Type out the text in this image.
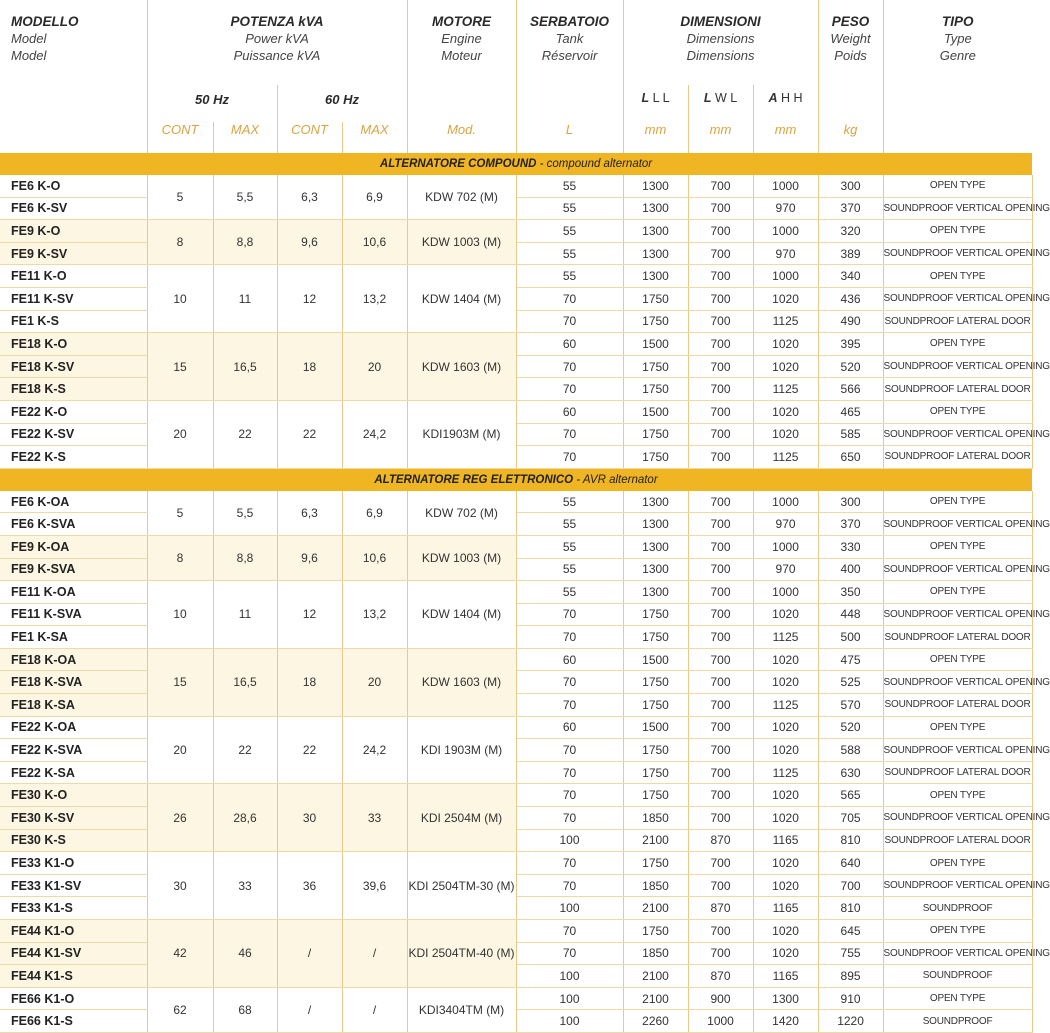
MODELLO
Model
Model	POTENZA kVA
Power kVA
Puissance kVA				MOTORE
Engine
Moteur	SERBATOIO
Tank
Réservoir	DIMENSIONI
Dimensions
Dimensions			PESO
Weight
Poids	TIPO
Type
Genre

	50 Hz		60 Hz				L L L	L W L	A H H		
	CONT	MAX	CONT	MAX	Mod.	L	mm	mm	mm	kg	
ALTERNATORE COMPOUND - compound alternator											
FE6 K-O	5	5,5	6,3	6,9	KDW 702 (M)	55	1300	700	1000	300	OPEN TYPE
FE6 K-SV						55	1300	700	970	370	SOUNDPROOF VERTICAL OPENING
FE9 K-O	8	8,8	9,6	10,6	KDW 1003 (M)	55	1300	700	1000	320	OPEN TYPE
FE9 K-SV						55	1300	700	970	389	SOUNDPROOF VERTICAL OPENING
FE11 K-O	10	11	12	13,2	KDW 1404 (M)	55	1300	700	1000	340	OPEN TYPE
FE11 K-SV						70	1750	700	1020	436	SOUNDPROOF VERTICAL OPENING
FE1 K-S						70	1750	700	1125	490	SOUNDPROOF LATERAL DOOR
FE18 K-O	15	16,5	18	20	KDW 1603 (M)	60	1500	700	1020	395	OPEN TYPE
FE18 K-SV						70	1750	700	1020	520	SOUNDPROOF VERTICAL OPENING
FE18 K-S						70	1750	700	1125	566	SOUNDPROOF LATERAL DOOR
FE22 K-O	20	22	22	24,2	KDI1903M (M)	60	1500	700	1020	465	OPEN TYPE
FE22 K-SV						70	1750	700	1020	585	SOUNDPROOF VERTICAL OPENING
FE22 K-S						70	1750	700	1125	650	SOUNDPROOF LATERAL DOOR
ALTERNATORE REG ELETTRONICO - AVR alternator											
FE6 K-OA	5	5,5	6,3	6,9	KDW 702 (M)	55	1300	700	1000	300	OPEN TYPE
FE6 K-SVA						55	1300	700	970	370	SOUNDPROOF VERTICAL OPENING
FE9 K-OA	8	8,8	9,6	10,6	KDW 1003 (M)	55	1300	700	1000	330	OPEN TYPE
FE9 K-SVA						55	1300	700	970	400	SOUNDPROOF VERTICAL OPENING
FE11 K-OA	10	11	12	13,2	KDW 1404 (M)	55	1300	700	1000	350	OPEN TYPE
FE11 K-SVA						70	1750	700	1020	448	SOUNDPROOF VERTICAL OPENING
FE1 K-SA						70	1750	700	1125	500	SOUNDPROOF LATERAL DOOR
FE18 K-OA	15	16,5	18	20	KDW 1603 (M)	60	1500	700	1020	475	OPEN TYPE
FE18 K-SVA						70	1750	700	1020	525	SOUNDPROOF VERTICAL OPENING
FE18 K-SA						70	1750	700	1125	570	SOUNDPROOF LATERAL DOOR
FE22 K-OA	20	22	22	24,2	KDI 1903M (M)	60	1500	700	1020	520	OPEN TYPE
FE22 K-SVA						70	1750	700	1020	588	SOUNDPROOF VERTICAL OPENING
FE22 K-SA						70	1750	700	1125	630	SOUNDPROOF LATERAL DOOR
FE30 K-O	26	28,6	30	33	KDI 2504M (M)	70	1750	700	1020	565	OPEN TYPE
FE30 K-SV						70	1850	700	1020	705	SOUNDPROOF VERTICAL OPENING
FE30 K-S						100	2100	870	1165	810	SOUNDPROOF LATERAL DOOR
FE33 K1-O	30	33	36	39,6	KDI 2504TM-30 (M)	70	1750	700	1020	640	OPEN TYPE
FE33 K1-SV						70	1850	700	1020	700	SOUNDPROOF VERTICAL OPENING
FE33 K1-S						100	2100	870	1165	810	SOUNDPROOF
FE44 K1-O	42	46	/	/	KDI 2504TM-40 (M)	70	1750	700	1020	645	OPEN TYPE
FE44 K1-SV						70	1850	700	1020	755	SOUNDPROOF VERTICAL OPENING
FE44 K1-S						100	2100	870	1165	895	SOUNDPROOF
FE66 K1-O	62	68	/	/	KDI3404TM (M)	100	2100	900	1300	910	OPEN TYPE
FE66 K1-S						100	2260	1000	1420	1220	SOUNDPROOF
